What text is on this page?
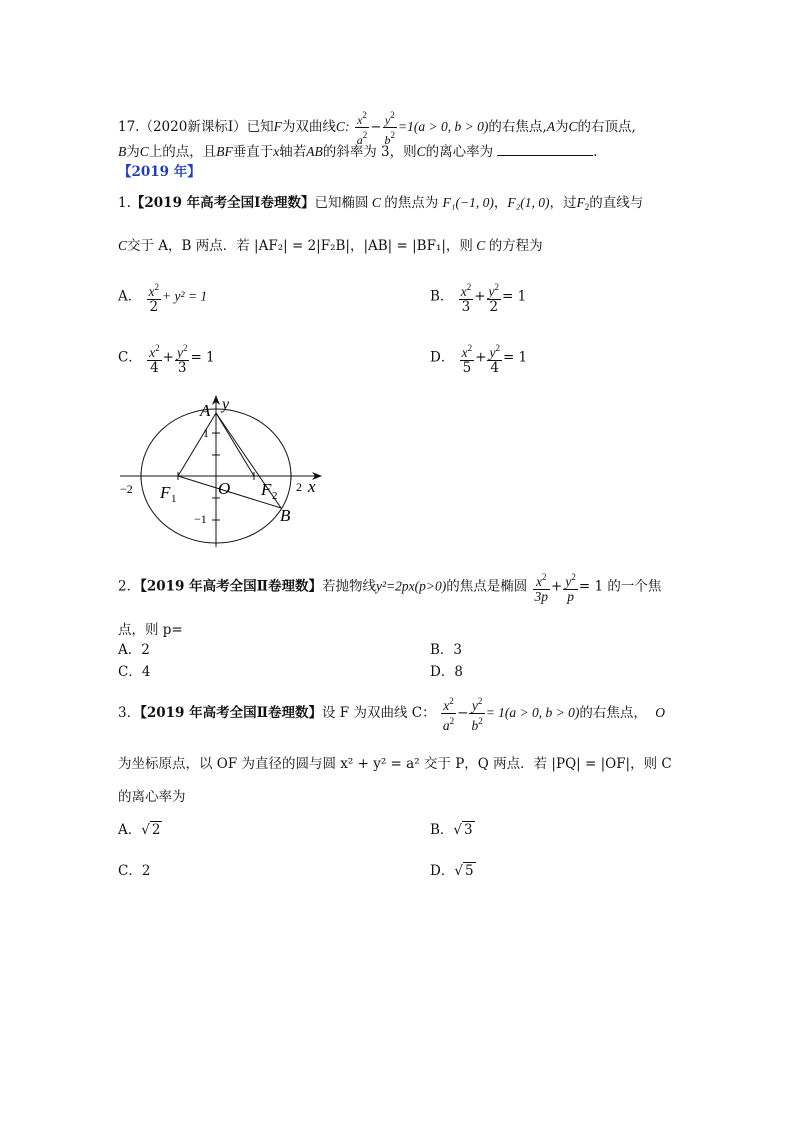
17.（2020新课标Ⅰ）已知F为双曲线C: $\frac{x^2}{a^2} - \frac{y^2}{b^2} =1(a > 0$, b > 0)的右焦点,A为C的右顶点,
B为C上的点，且BF垂直于x轴若AB的斜率为 3，则C的离心率为	.
【2019 年】
1.【2019 年高考全国Ⅰ卷理数】已知椭圆 C 的焦点为 F₁(−1, 0)，F₂(1, 0)，过$F_2$的直线与
C交于 A，B 两点．若 |AF₂| = 2|F₂B|，|AB| = |BF₁|，则 C 的方程为
A． $\frac{x^2}{2} + y^2 = 1$	B． $\frac{x^2}{3} + \frac{y^2}{2} = 1$
C． $\frac{x^2}{4} + \frac{y^2}{3} = 1$	D． $\frac{x^2}{5} + \frac{y^2}{4} = 1$
A y
1
−1
−2	2
F 1
O F 2
B
x
2．【2019 年高考全国Ⅱ卷理数】若抛物线y²=2px(p>0)的焦点是椭圆 $\frac{x^2}{3p} + \frac{y^2}{p} = 1$ 的一个焦
点，则 p=
A．2	B．3
C．4	D．8
3．【2019 年高考全国Ⅱ卷理数】设 F 为双曲线 C： $\frac{x^2}{a^2} - \frac{y^2}{b^2} = 1(a > 0$, b > 0)的右焦点， O
为坐标原点，以 OF 为直径的圆与圆 x² + y² = a² 交于 P，Q 两点．若 |PQ| = |OF|，则 C
的离心率为
A．√ 2	B．√ 3
C．2	D．√ 5
